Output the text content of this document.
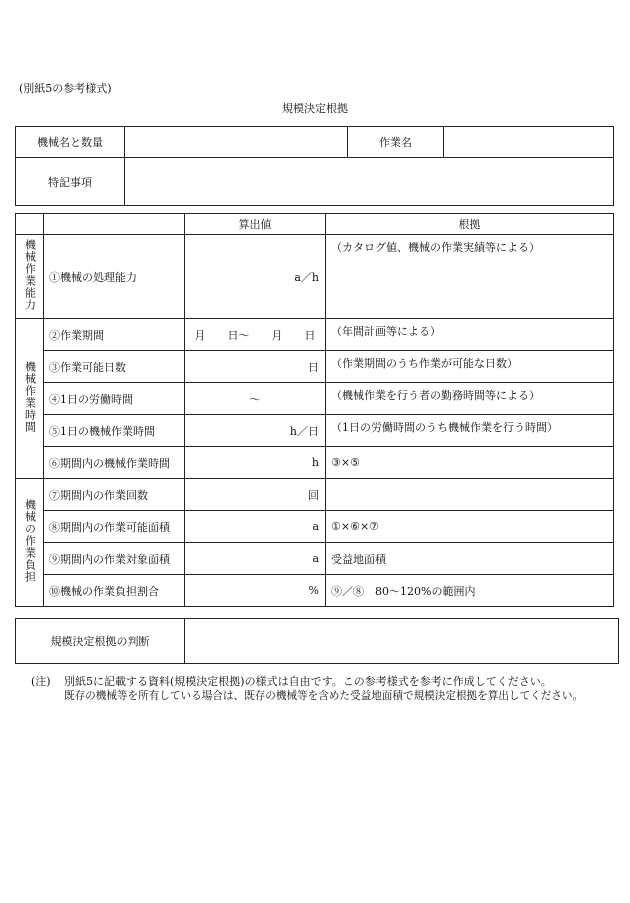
(別紙5の参考様式)
規模決定根拠
機械名と数量		作業名	
特記事項			
		算出値	根拠
機械作業能力	①機械の処理能力	a／h	（カタログ値、機械の作業実績等による）
機械作業時間	②作業期間	月　　日〜　　月　　日	（年間計画等による）
	③作業可能日数	日	（作業期間のうち作業が可能な日数）
	④1日の労働時間	〜	（機械作業を行う者の勤務時間等による）
	⑤1日の機械作業時間	h／日	（1日の労働時間のうち機械作業を行う時間）
	⑥期間内の機械作業時間	h	③×⑤
機械の作業負担	⑦期間内の作業回数	回	
	⑧期間内の作業可能面積	a	①×⑥×⑦
	⑨期間内の作業対象面積	a	受益地面積
	⑩機械の作業負担割合	%	⑨／⑧　80〜120%の範囲内
規模決定根拠の判断	
(注) 別紙5に記載する資料(規模決定根拠)の様式は自由です。この参考様式を参考に作成してください。
既存の機械等を所有している場合は、既存の機械等を含めた受益地面積で規模決定根拠を算出してください。
